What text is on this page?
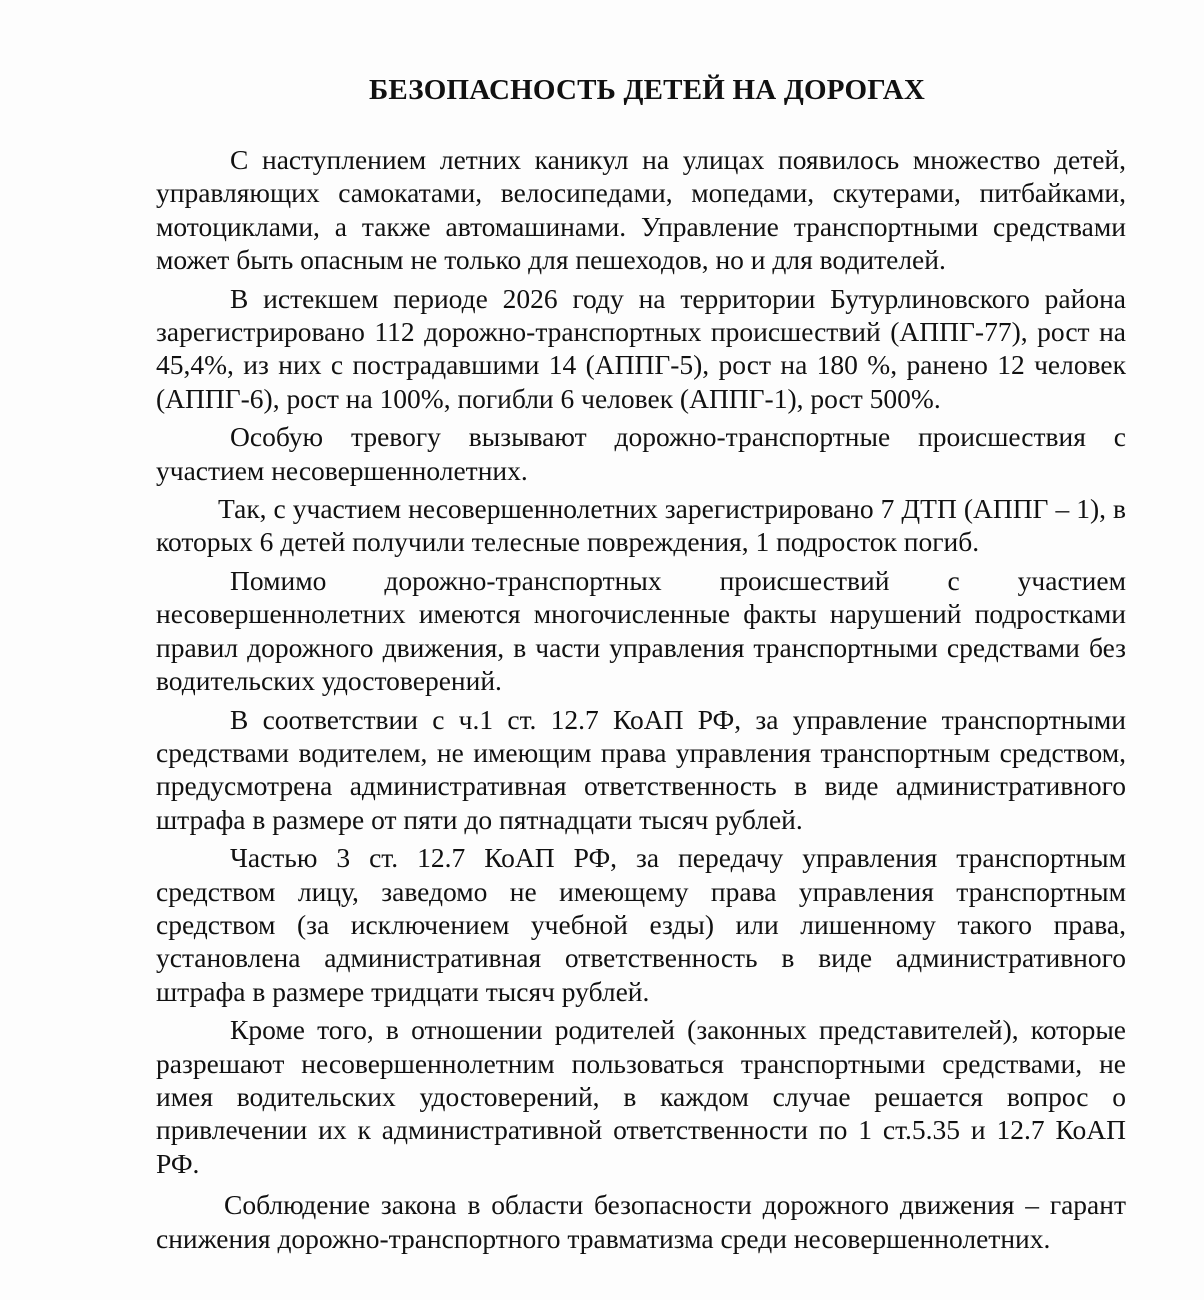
БЕЗОПАСНОСТЬ ДЕТЕЙ НА ДОРОГАХ

С наступлением летних каникул на улицах появилось множество детей, управляющих самокатами, велосипедами, мопедами, скутерами, питбайками, мотоциклами, а также автомашинами. Управление транспортными средствами может быть опасным не только для пешеходов, но и для водителей.

В истекшем периоде 2026 году на территории Бутурлиновского района зарегистрировано 112 дорожно-транспортных происшествий (АППГ-77), рост на 45,4%, из них с пострадавшими 14 (АППГ-5), рост на 180 %, ранено 12 человек (АППГ-6), рост на 100%, погибли 6 человек (АППГ-1), рост 500%.

Особую тревогу вызывают дорожно-транспортные происшествия с участием несовершеннолетних.

Так, с участием несовершеннолетних зарегистрировано 7 ДТП (АППГ – 1), в которых 6 детей получили телесные повреждения, 1 подросток погиб.

Помимо дорожно-транспортных происшествий с участием несовершеннолетних имеются многочисленные факты нарушений подростками правил дорожного движения, в части управления транспортными средствами без водительских удостоверений.

В соответствии с ч.1 ст. 12.7 КоАП РФ, за управление транспортными средствами водителем, не имеющим права управления транспортным средством, предусмотрена административная ответственность в виде административного штрафа в размере от пяти до пятнадцати тысяч рублей.

Частью 3 ст. 12.7 КоАП РФ, за передачу управления транспортным средством лицу, заведомо не имеющему права управления транспортным средством (за исключением учебной езды) или лишенному такого права, установлена административная ответственность в виде административного штрафа в размере тридцати тысяч рублей.

Кроме того, в отношении родителей (законных представителей), которые разрешают несовершеннолетним пользоваться транспортными средствами, не имея водительских удостоверений, в каждом случае решается вопрос о привлечении их к административной ответственности по 1 ст.5.35 и 12.7 КоАП РФ.

Соблюдение закона в области безопасности дорожного движения – гарант снижения дорожно-транспортного травматизма среди несовершеннолетних.
